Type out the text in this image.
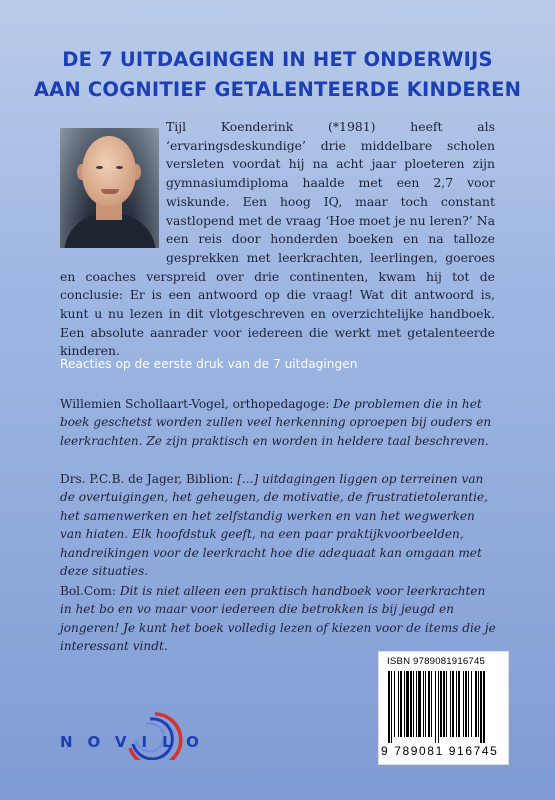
DE 7 UITDAGINGEN IN HET ONDERWIJS
AAN COGNITIEF GETALENTEERDE KINDEREN

Tijl Koenderink (*1981) heeft als ‘ervaringsdeskundige’ drie middelbare scholen versleten voordat hij na acht jaar ploeteren zijn gymnasiumdiploma haalde met een 2,7 voor wiskunde. Een hoog IQ, maar toch constant vastlopend met de vraag ‘Hoe moet je nu leren?’ Na een reis door honderden boeken en na talloze gesprekken met leerkrachten, leerlingen, goeroes en coaches verspreid over drie continenten, kwam hij tot de conclusie: Er is een antwoord op die vraag! Wat dit antwoord is, kunt u nu lezen in dit vlotgeschreven en overzichtelijke handboek. Een absolute aanrader voor iedereen die werkt met getalenteerde kinderen.

Reacties op de eerste druk van de 7 uitdagingen

Willemien Schollaart-Vogel, orthopedagoge: De problemen die in het boek geschetst worden zullen veel herkenning oproepen bij ouders en leerkrachten. Ze zijn praktisch en worden in heldere taal beschreven.

Drs. P.C.B. de Jager, Biblion: [...] uitdagingen liggen op terreinen van de overtuigingen, het geheugen, de motivatie, de frustratietolerantie, het samenwerken en het zelfstandig werken en van het wegwerken van hiaten. Elk hoofdstuk geeft, na een paar praktijkvoorbeelden, handreikingen voor de leerkracht hoe die adequaat kan omgaan met deze situaties.

Bol.Com: Dit is niet alleen een praktisch handboek voor leerkrachten in het bo en vo maar voor iedereen die betrokken is bij jeugd en jongeren! Je kunt het boek volledig lezen of kiezen voor de items die je interessant vindt.

NOVILO
ISBN 9789081916745
9 789081 916745
